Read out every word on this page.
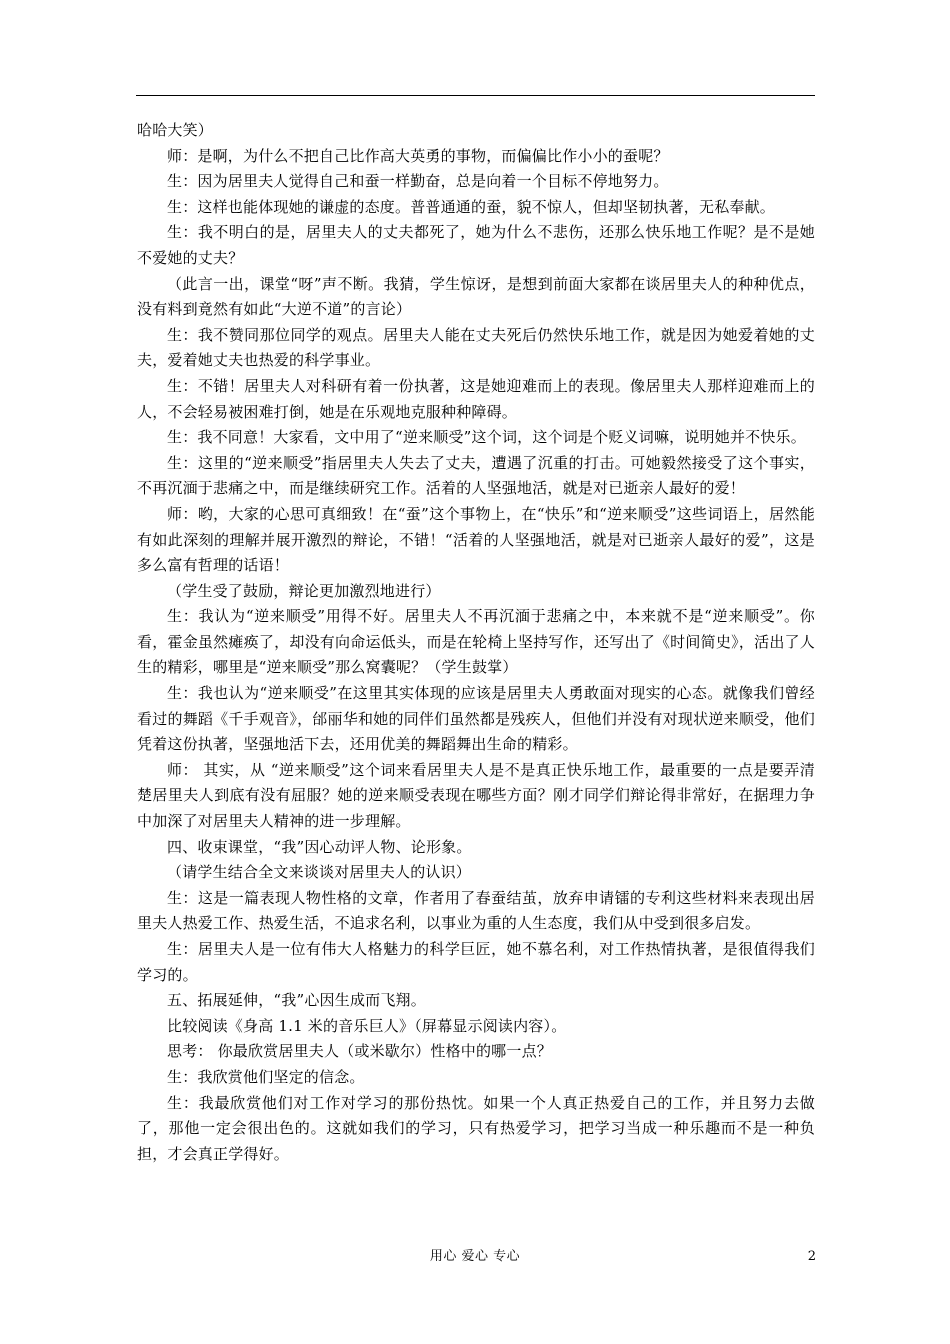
哈哈大笑）

师：是啊，为什么不把自己比作高大英勇的事物，而偏偏比作小小的蚕呢？

生：因为居里夫人觉得自己和蚕一样勤奋，总是向着一个目标不停地努力。

生：这样也能体现她的谦虚的态度。普普通通的蚕，貌不惊人，但却坚韧执著，无私奉献。

生：我不明白的是，居里夫人的丈夫都死了，她为什么不悲伤，还那么快乐地工作呢？是不是她不爱她的丈夫？

（此言一出，课堂“呀”声不断。我猜，学生惊讶，是想到前面大家都在谈居里夫人的种种优点，没有料到竟然有如此“大逆不道”的言论）

生：我不赞同那位同学的观点。居里夫人能在丈夫死后仍然快乐地工作，就是因为她爱着她的丈夫，爱着她丈夫也热爱的科学事业。

生：不错！居里夫人对科研有着一份执著，这是她迎难而上的表现。像居里夫人那样迎难而上的人，不会轻易被困难打倒，她是在乐观地克服种种障碍。

生：我不同意！大家看，文中用了“逆来顺受”这个词，这个词是个贬义词嘛，说明她并不快乐。

生：这里的“逆来顺受”指居里夫人失去了丈夫，遭遇了沉重的打击。可她毅然接受了这个事实，不再沉湎于悲痛之中，而是继续研究工作。活着的人坚强地活，就是对已逝亲人最好的爱！

师：哟，大家的心思可真细致！在“蚕”这个事物上，在“快乐”和“逆来顺受”这些词语上，居然能有如此深刻的理解并展开激烈的辩论，不错！“活着的人坚强地活，就是对已逝亲人最好的爱”，这是多么富有哲理的话语！

（学生受了鼓励，辩论更加激烈地进行）

生：我认为“逆来顺受”用得不好。居里夫人不再沉湎于悲痛之中，本来就不是“逆来顺受”。你看，霍金虽然瘫痪了，却没有向命运低头，而是在轮椅上坚持写作，还写出了《时间简史》，活出了人生的精彩，哪里是“逆来顺受”那么窝囊呢？（学生鼓掌）

生：我也认为“逆来顺受”在这里其实体现的应该是居里夫人勇敢面对现实的心态。就像我们曾经看过的舞蹈《千手观音》，邰丽华和她的同伴们虽然都是残疾人，但他们并没有对现状逆来顺受，他们凭着这份执著，坚强地活下去，还用优美的舞蹈舞出生命的精彩。

师： 其实，从 “逆来顺受”这个词来看居里夫人是不是真正快乐地工作，最重要的一点是要弄清楚居里夫人到底有没有屈服？她的逆来顺受表现在哪些方面？刚才同学们辩论得非常好，在据理力争中加深了对居里夫人精神的进一步理解。

四、收束课堂，“我”因心动评人物、论形象。

（请学生结合全文来谈谈对居里夫人的认识）

生：这是一篇表现人物性格的文章，作者用了春蚕结茧，放弃申请镭的专利这些材料来表现出居里夫人热爱工作、热爱生活，不追求名利，以事业为重的人生态度，我们从中受到很多启发。

生：居里夫人是一位有伟大人格魅力的科学巨匠，她不慕名利，对工作热情执著，是很值得我们学习的。

五、拓展延伸，“我”心因生成而飞翔。

比较阅读《身高 1.1 米的音乐巨人》（屏幕显示阅读内容）。

思考： 你最欣赏居里夫人（或米歇尔）性格中的哪一点？

生：我欣赏他们坚定的信念。

生：我最欣赏他们对工作对学习的那份热忱。如果一个人真正热爱自己的工作，并且努力去做了，那他一定会很出色的。这就如我们的学习，只有热爱学习，把学习当成一种乐趣而不是一种负担，才会真正学得好。

用心 爱心 专心	2
